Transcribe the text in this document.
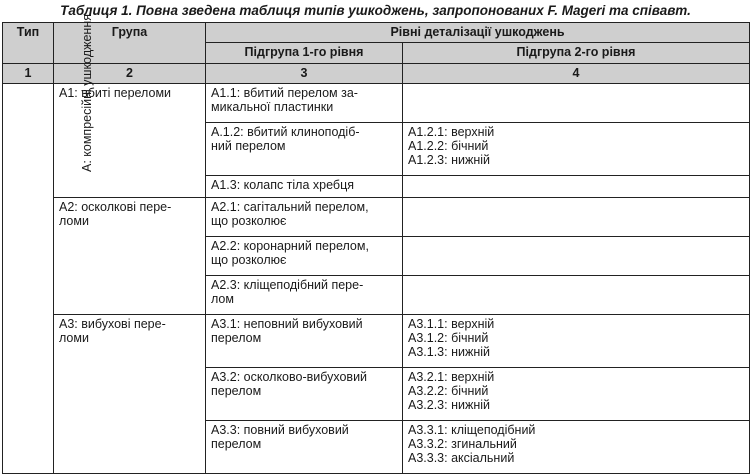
Таблиця 1. Повна зведена таблиця типів ушкоджень, запропонованих F. Mageri та співавт.
Тип	Група	Рівні деталізації ушкоджень	
		Підгрупа 1-го рівня	Підгрупа 2-го рівня
1	2	3	4
А: компресійні ушкодження	А1: вбиті переломи	А1.1: вбитий перелом за-
микальної пластинки	

		А.1.2: вбитий клиноподіб-
ний перелом	А1.2.1: верхній
А1.2.2: бічний
А1.2.3: нижній

		А1.3: колапс тіла хребця	

	А2: осколкові пере-
ломи	А2.1: сагітальний перелом,
що розколює	

		А2.2: коронарний перелом,
що розколює	

		А2.3: кліщеподібний пере-
лом	

	А3: вибухові пере-
ломи	А3.1: неповний вибуховий
перелом	А3.1.1: верхній
А3.1.2: бічний
А3.1.3: нижній

		А3.2: осколково-вибуховий
перелом	А3.2.1: верхній
А3.2.2: бічний
А3.2.3: нижній

		А3.3: повний вибуховий
перелом	А3.3.1: кліщеподібний
А3.3.2: згинальний
А3.3.3: аксіальний
